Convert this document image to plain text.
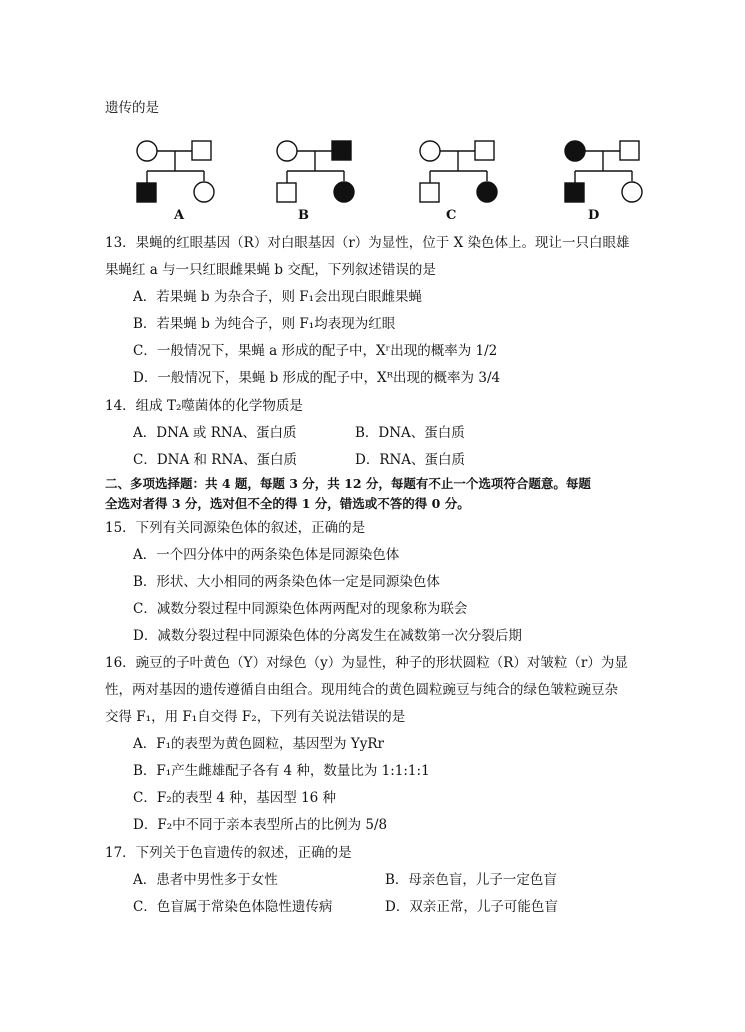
遗传的是
A	B	C	D
13．果蝇的红眼基因（R）对白眼基因（r）为显性，位于 X 染色体上。现让一只白眼雄
果蝇红 a 与一只红眼雌果蝇 b 交配，下列叙述错误的是
A．若果蝇 b 为杂合子，则 F₁会出现白眼雌果蝇
B．若果蝇 b 为纯合子，则 F₁均表现为红眼
C．一般情况下，果蝇 a 形成的配子中，Xʳ出现的概率为 1/2
D．一般情况下，果蝇 b 形成的配子中，Xᴿ出现的概率为 3/4
14．组成 T₂噬菌体的化学物质是
A．DNA 或 RNA、蛋白质	B．DNA、蛋白质
C．DNA 和 RNA、蛋白质	D．RNA、蛋白质
二、多项选择题：共 4 题，每题 3 分，共 12 分，每题有不止一个选项符合题意。每题
全选对者得 3 分，选对但不全的得 1 分，错选或不答的得 0 分。
15．下列有关同源染色体的叙述，正确的是
A．一个四分体中的两条染色体是同源染色体
B．形状、大小相同的两条染色体一定是同源染色体
C．减数分裂过程中同源染色体两两配对的现象称为联会
D．减数分裂过程中同源染色体的分离发生在减数第一次分裂后期
16．豌豆的子叶黄色（Y）对绿色（y）为显性，种子的形状圆粒（R）对皱粒（r）为显
性，两对基因的遗传遵循自由组合。现用纯合的黄色圆粒豌豆与纯合的绿色皱粒豌豆杂
交得 F₁，用 F₁自交得 F₂，下列有关说法错误的是
A．F₁的表型为黄色圆粒，基因型为 YyRr
B．F₁产生雌雄配子各有 4 种，数量比为 1:1:1:1
C．F₂的表型 4 种，基因型 16 种
D．F₂中不同于亲本表型所占的比例为 5/8
17．下列关于色盲遗传的叙述，正确的是
A．患者中男性多于女性	B．母亲色盲，儿子一定色盲
C．色盲属于常染色体隐性遗传病	D．双亲正常，儿子可能色盲
